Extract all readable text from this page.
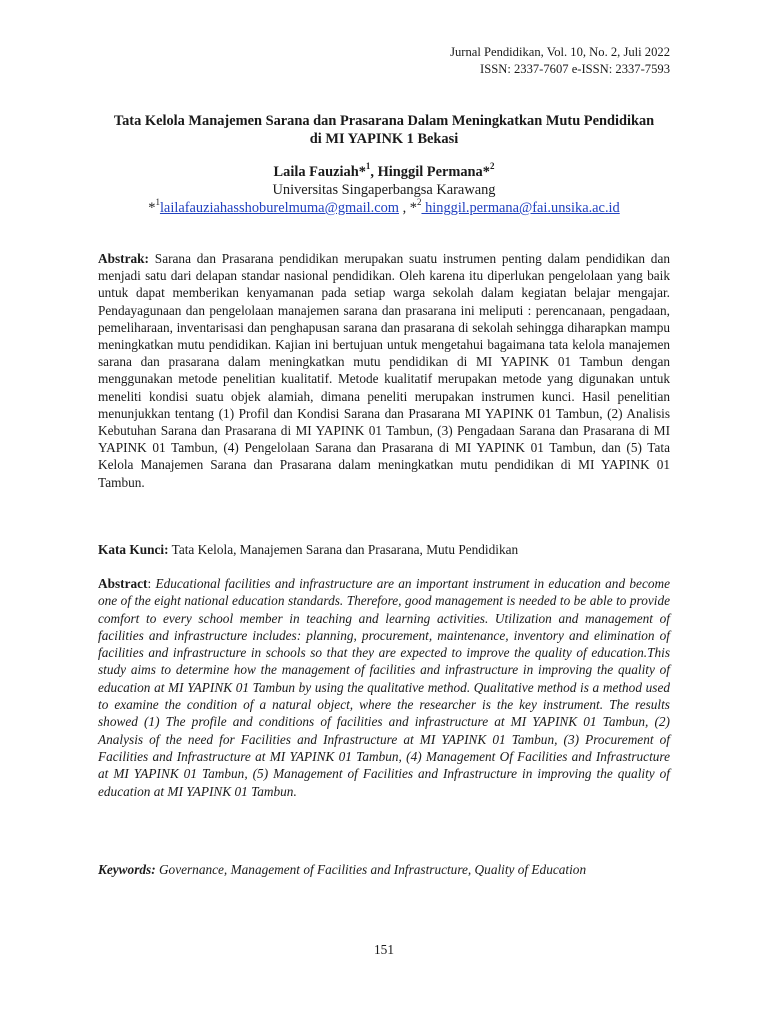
Jurnal Pendidikan, Vol. 10, No. 2, Juli 2022
ISSN: 2337-7607 e-ISSN: 2337-7593
Tata Kelola Manajemen Sarana dan Prasarana Dalam Meningkatkan Mutu Pendidikan
di MI YAPINK 1 Bekasi
Laila Fauziah*$^1$, Hinggil Permana*$^2$
Universitas Singaperbangsa Karawang
*$^1$lailafauziahasshoburelmuma@gmail.com , *$^2$ hinggil.permana@fai.unsika.ac.id
Abstrak: Sarana dan Prasarana pendidikan merupakan suatu instrumen penting dalam pendidikan dan menjadi satu dari delapan standar nasional pendidikan. Oleh karena itu diperlukan pengelolaan yang baik untuk dapat memberikan kenyamanan pada setiap warga sekolah dalam kegiatan belajar mengajar. Pendayagunaan dan pengelolaan manajemen sarana dan prasarana ini meliputi : perencanaan, pengadaan, pemeliharaan, inventarisasi dan penghapusan sarana dan prasarana di sekolah sehingga diharapkan mampu meningkatkan mutu pendidikan. Kajian ini bertujuan untuk mengetahui bagaimana tata kelola manajemen sarana dan prasarana dalam meningkatkan mutu pendidikan di MI YAPINK 01 Tambun dengan menggunakan metode penelitian kualitatif. Metode kualitatif merupakan metode yang digunakan untuk meneliti kondisi suatu objek alamiah, dimana peneliti merupakan instrumen kunci. Hasil penelitian menunjukkan tentang (1) Profil dan Kondisi Sarana dan Prasarana MI YAPINK 01 Tambun, (2) Analisis Kebutuhan Sarana dan Prasarana di MI YAPINK 01 Tambun, (3) Pengadaan Sarana dan Prasarana di MI YAPINK 01 Tambun, (4) Pengelolaan Sarana dan Prasarana di MI YAPINK 01 Tambun, dan (5) Tata Kelola Manajemen Sarana dan Prasarana dalam meningkatkan mutu pendidikan di MI YAPINK 01 Tambun.
Kata Kunci: Tata Kelola, Manajemen Sarana dan Prasarana, Mutu Pendidikan
Abstract: Educational facilities and infrastructure are an important instrument in education and become one of the eight national education standards. Therefore, good management is needed to be able to provide comfort to every school member in teaching and learning activities. Utilization and management of facilities and infrastructure includes: planning, procurement, maintenance, inventory and elimination of facilities and infrastructure in schools so that they are expected to improve the quality of education.This study aims to determine how the management of facilities and infrastructure in improving the quality of education at MI YAPINK 01 Tambun by using the qualitative method. Qualitative method is a method used to examine the condition of a natural object, where the researcher is the key instrument. The results showed (1) The profile and conditions of facilities and infrastructure at MI YAPINK 01 Tambun, (2) Analysis of the need for Facilities and Infrastructure at MI YAPINK 01 Tambun, (3) Procurement of Facilities and Infrastructure at MI YAPINK 01 Tambun, (4) Management Of Facilities and Infrastructure at MI YAPINK 01 Tambun, (5) Management of Facilities and Infrastructure in improving the quality of education at MI YAPINK 01 Tambun.
Keywords: Governance, Management of Facilities and Infrastructure, Quality of Education
151
